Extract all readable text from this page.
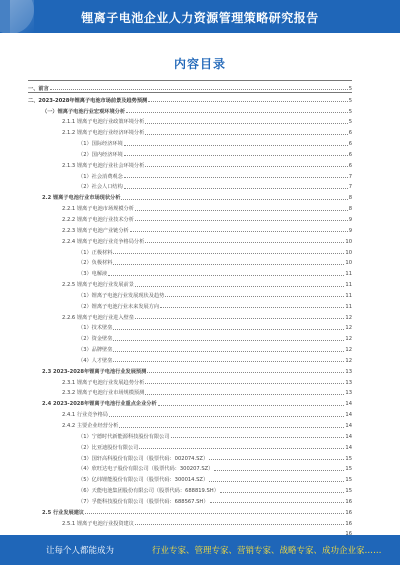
锂离子电池企业人力资源管理策略研究报告
内容目录
一、前言	5
二、2023-2028年锂离子电池市场前景及趋势预测	5
（一）锂离子电池行业宏观环境分析	5
2.1.1 锂离子电池行业政策环境分析	5
2.1.2 锂离子电池行业经济环境分析	6
（1）国际经济环境	6
（2）国内经济环境	6
2.1.3 锂离子电池行业社会环境分析	6
（1）社会消费观念	7
（2）社会人口结构	7
2.2 锂离子电池行业市场现状分析	8
2.2.1 锂离子电池市场规模分析	8
2.2.2 锂离子电池行业技术分析	9
2.2.3 锂离子电池产业链分析	9
2.2.4 锂离子电池行业竞争格局分析	10
（1）正极材料	10
（2）负极材料	10
（3）电解液	11
2.2.5 锂离子电池行业发展前景	11
（1）锂离子电池行业发展现状及趋势	11
（2）锂离子电池行业未来发展方向	11
2.2.6 锂离子电池行业进入壁垒	12
（1）技术壁垒	12
（2）资金壁垒	12
（3）品牌壁垒	12
（4）人才壁垒	12
2.3 2023-2028年锂离子电池行业发展预测	13
2.3.1 锂离子电池行业发展趋势分析	13
2.3.2 锂离子电池行业市场规模预测	13
2.4 2023-2028年锂离子电池行业重点企业分析	14
2.4.1 行业竞争格局	14
2.4.2 主要企业经营分析	14
（1）宁德时代新能源科技股份有限公司	14
（2）比亚迪股份有限公司	14
（3）国轩高科股份有限公司（股票代码：002074.SZ）	15
（4）欣旺达电子股份有限公司（股票代码：300207.SZ）	15
（5）亿纬锂能股份有限公司（股票代码：300014.SZ）	15
（6）天能电池集团股份有限公司（股票代码：688819.SH）	15
（7）孚能科技股份有限公司（股票代码：688567.SH）	16
2.5 行业发展建议	16
2.5.1 锂离子电池行业投资建议	16
让每个人都能成为	行业专家、管理专家、营销专家、战略专家、成功企业家……
